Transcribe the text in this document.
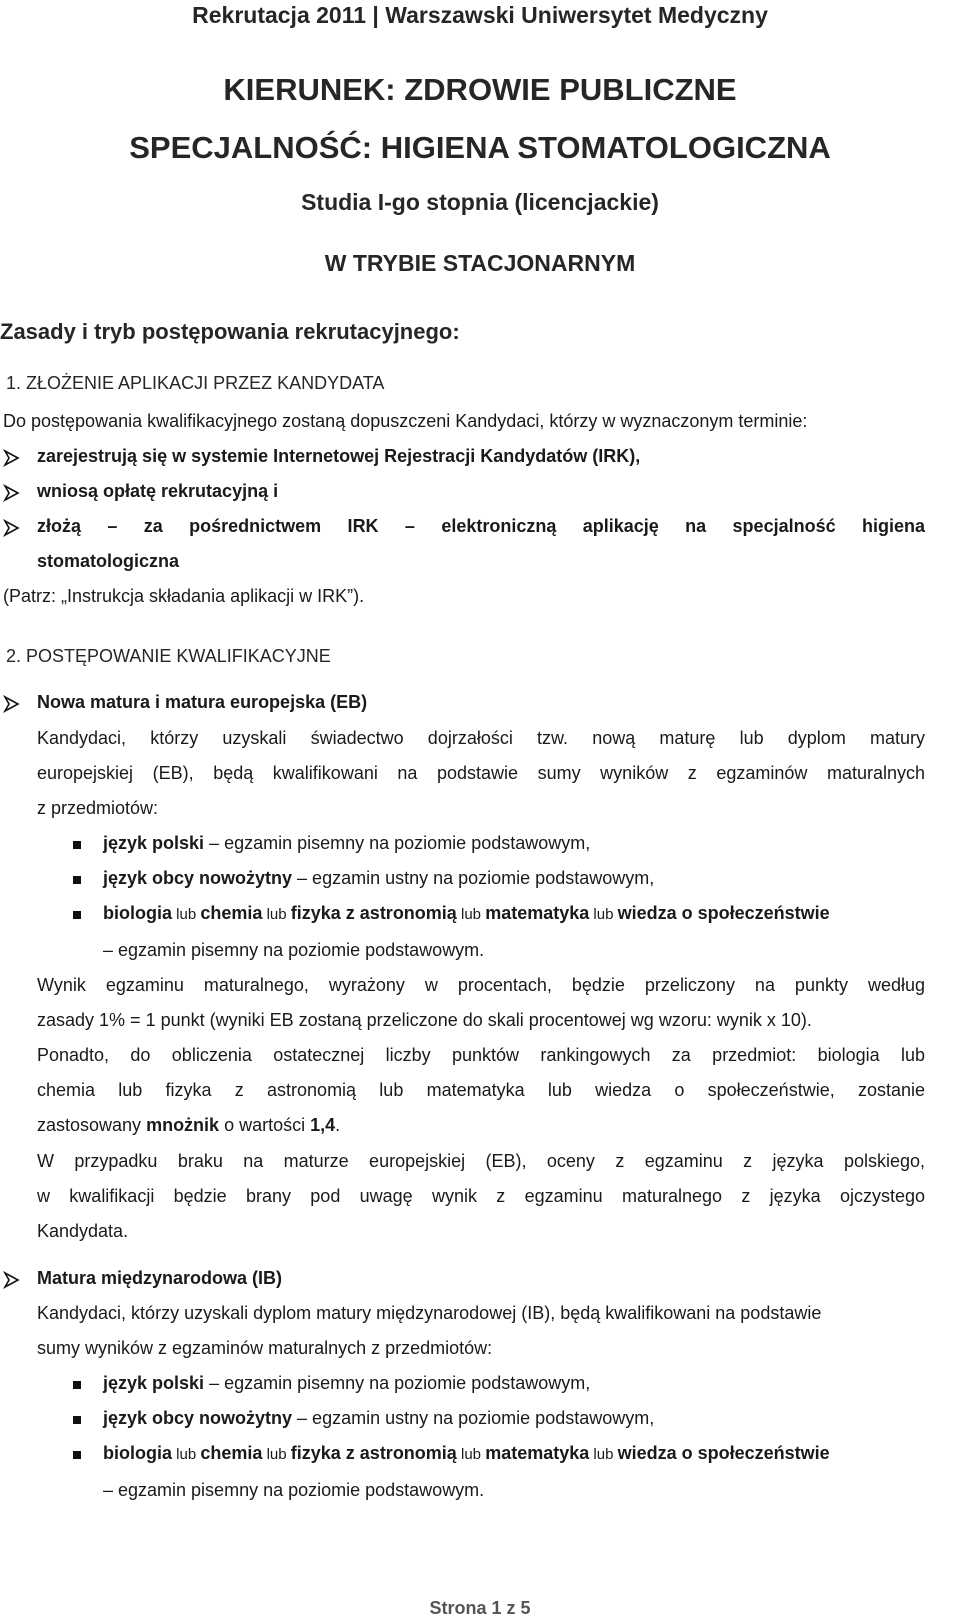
Rekrutacja 2011 | Warszawski Uniwersytet Medyczny
KIERUNEK: ZDROWIE PUBLICZNE
SPECJALNOŚĆ: HIGIENA STOMATOLOGICZNA
Studia I-go stopnia (licencjackie)
W TRYBIE STACJONARNYM
Zasady i tryb postępowania rekrutacyjnego:
1. ZŁOŻENIE APLIKACJI PRZEZ KANDYDATA
Do postępowania kwalifikacyjnego zostaną dopuszczeni Kandydaci, którzy w wyznaczonym terminie:
zarejestrują się w systemie Internetowej Rejestracji Kandydatów (IRK),
wniosą opłatę rekrutacyjną i
złożą – za pośrednictwem IRK – elektroniczną aplikację na specjalność higiena
stomatologiczna
(Patrz: „Instrukcja składania aplikacji w IRK”).
2. POSTĘPOWANIE KWALIFIKACYJNE
Nowa matura i matura europejska (EB)
Kandydaci, którzy uzyskali świadectwo dojrzałości tzw. nową maturę lub dyplom matury
europejskiej (EB), będą kwalifikowani na podstawie sumy wyników z egzaminów maturalnych
z przedmiotów:
język polski – egzamin pisemny na poziomie podstawowym,
język obcy nowożytny – egzamin ustny na poziomie podstawowym,
biologia lub chemia lub fizyka z astronomią lub matematyka lub wiedza o społeczeństwie
– egzamin pisemny na poziomie podstawowym.
Wynik egzaminu maturalnego, wyrażony w procentach, będzie przeliczony na punkty według
zasady 1% = 1 punkt (wyniki EB zostaną przeliczone do skali procentowej wg wzoru: wynik x 10).
Ponadto, do obliczenia ostatecznej liczby punktów rankingowych za przedmiot: biologia lub
chemia lub fizyka z astronomią lub matematyka lub wiedza o społeczeństwie, zostanie
zastosowany mnożnik o wartości 1,4.
W przypadku braku na maturze europejskiej (EB), oceny z egzaminu z języka polskiego,
w kwalifikacji będzie brany pod uwagę wynik z egzaminu maturalnego z języka ojczystego
Kandydata.
Matura międzynarodowa (IB)
Kandydaci, którzy uzyskali dyplom matury międzynarodowej (IB), będą kwalifikowani na podstawie
sumy wyników z egzaminów maturalnych z przedmiotów:
język polski – egzamin pisemny na poziomie podstawowym,
język obcy nowożytny – egzamin ustny na poziomie podstawowym,
biologia lub chemia lub fizyka z astronomią lub matematyka lub wiedza o społeczeństwie
– egzamin pisemny na poziomie podstawowym.
Strona 1 z 5
